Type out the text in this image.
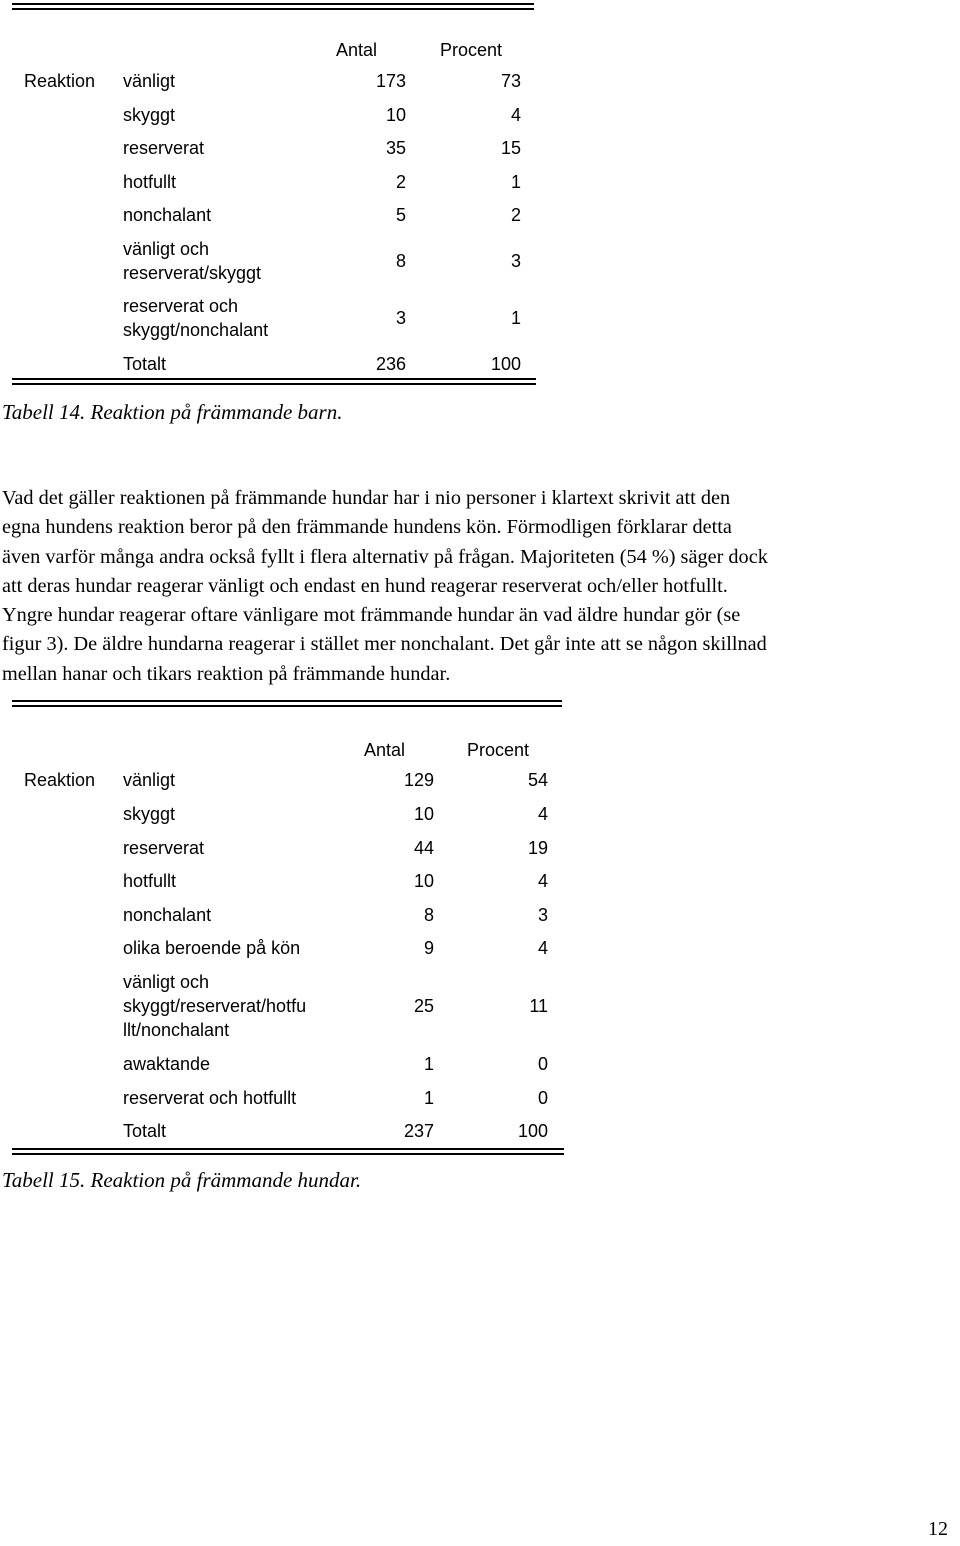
Antal	Procent
Reaktion vänligt	173	73
skyggt	10	4
reserverat	35	15
hotfullt	2	1
nonchalant	5	2
vänligt och
reserverat/skyggt
8	3
reserverat och
skyggt/nonchalant
3	1
Totalt	236	100
Tabell 14. Reaktion på främmande barn.
Vad det gäller reaktionen på främmande hundar har i nio personer i klartext skrivit att den
egna hundens reaktion beror på den främmande hundens kön. Förmodligen förklarar detta
även varför många andra också fyllt i flera alternativ på frågan. Majoriteten (54 %) säger dock
att deras hundar reagerar vänligt och endast en hund reagerar reserverat och/eller hotfullt.
Yngre hundar reagerar oftare vänligare mot främmande hundar än vad äldre hundar gör (se
figur 3). De äldre hundarna reagerar i stället mer nonchalant. Det går inte att se någon skillnad
mellan hanar och tikars reaktion på främmande hundar.
Antal	Procent
Reaktion vänligt	129	54
skyggt	10	4
reserverat	44	19
hotfullt	10	4
nonchalant	8	3
olika beroende på kön	9	4
vänligt och
skyggt/reserverat/hotfu
llt/nonchalant
25	11
awaktande	1	0
reserverat och hotfullt	1	0
Totalt	237	100
Tabell 15. Reaktion på främmande hundar.
12
